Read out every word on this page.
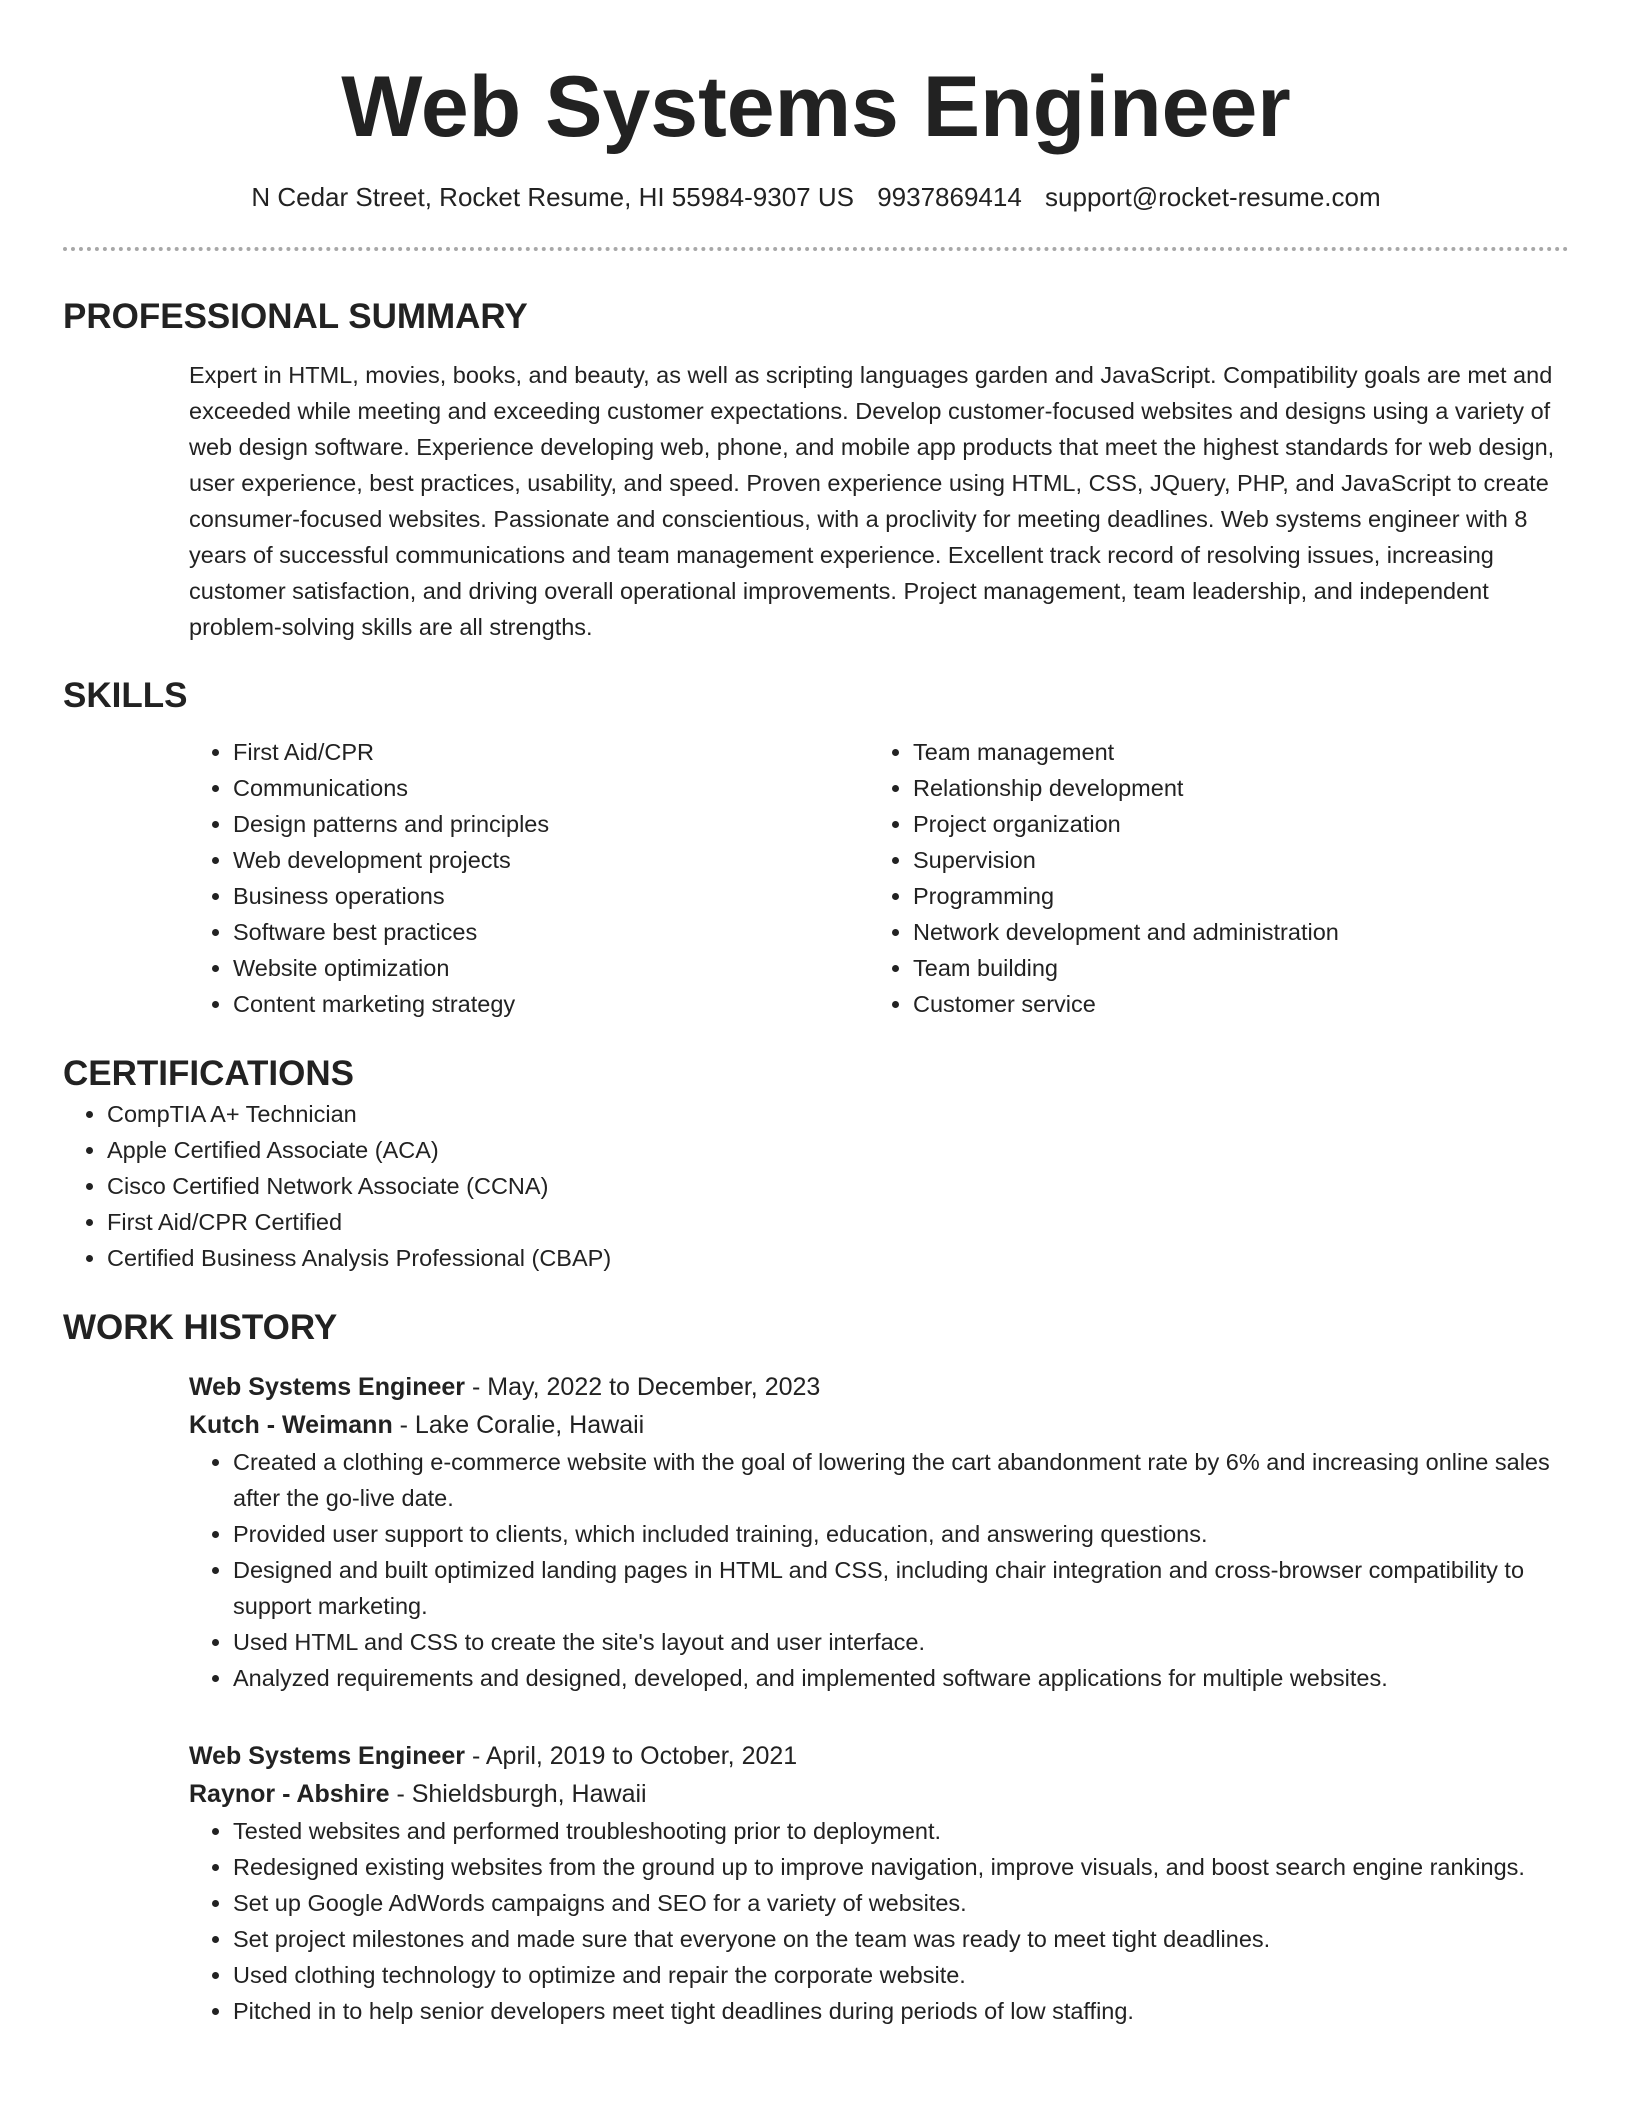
Web Systems Engineer
N Cedar Street, Rocket Resume, HI 55984-9307 US 9937869414 support@rocket-resume.com
PROFESSIONAL SUMMARY

Expert in HTML, movies, books, and beauty, as well as scripting languages garden and JavaScript. Compatibility goals are met and exceeded while meeting and exceeding customer expectations. Develop customer-focused websites and designs using a variety of web design software. Experience developing web, phone, and mobile app products that meet the highest standards for web design, user experience, best practices, usability, and speed. Proven experience using HTML, CSS, JQuery, PHP, and JavaScript to create consumer-focused websites. Passionate and conscientious, with a proclivity for meeting deadlines. Web systems engineer with 8 years of successful communications and team management experience. Excellent track record of resolving issues, increasing customer satisfaction, and driving overall operational improvements. Project management, team leadership, and independent problem-solving skills are all strengths.

SKILLS
• First Aid/CPR
• Communications
• Design patterns and principles
• Web development projects
• Business operations
• Software best practices
• Website optimization
• Content marketing strategy
• Team management
• Relationship development
• Project organization
• Supervision
• Programming
• Network development and administration
• Team building
• Customer service
CERTIFICATIONS
• CompTIA A+ Technician
• Apple Certified Associate (ACA)
• Cisco Certified Network Associate (CCNA)
• First Aid/CPR Certified
• Certified Business Analysis Professional (CBAP)
WORK HISTORY
Web Systems Engineer - May, 2022 to December, 2023
Kutch - Weimann - Lake Coralie, Hawaii
• Created a clothing e-commerce website with the goal of lowering the cart abandonment rate by 6% and increasing online sales after the go-live date.
• Provided user support to clients, which included training, education, and answering questions.
• Designed and built optimized landing pages in HTML and CSS, including chair integration and cross-browser compatibility to support marketing.
• Used HTML and CSS to create the site's layout and user interface.
• Analyzed requirements and designed, developed, and implemented software applications for multiple websites.
Web Systems Engineer - April, 2019 to October, 2021
Raynor - Abshire - Shieldsburgh, Hawaii
• Tested websites and performed troubleshooting prior to deployment.
• Redesigned existing websites from the ground up to improve navigation, improve visuals, and boost search engine rankings.
• Set up Google AdWords campaigns and SEO for a variety of websites.
• Set project milestones and made sure that everyone on the team was ready to meet tight deadlines.
• Used clothing technology to optimize and repair the corporate website.
• Pitched in to help senior developers meet tight deadlines during periods of low staffing.
